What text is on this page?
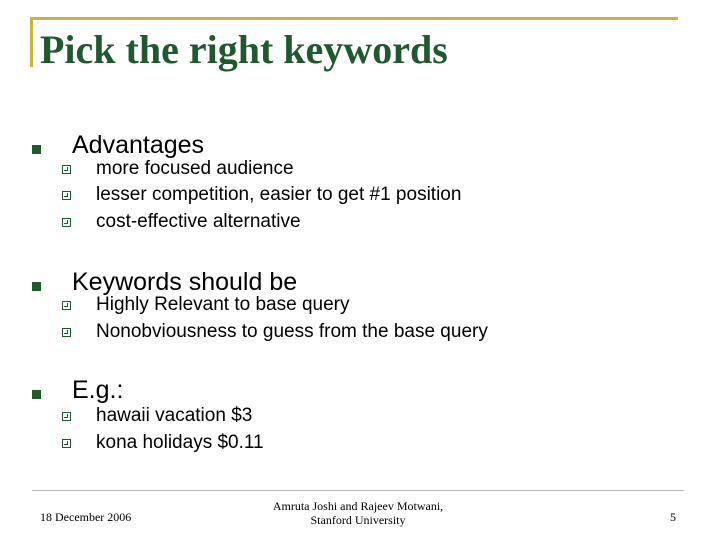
Pick the right keywords
Advantages
more focused audience
lesser competition, easier to get #1 position
cost-effective alternative
Keywords should be
Highly Relevant to base query
Nonobviousness to guess from the base query
E.g.:
hawaii vacation $3
kona holidays $0.11
18 December 2006
Amruta Joshi and Rajeev Motwani,
Stanford University	5
